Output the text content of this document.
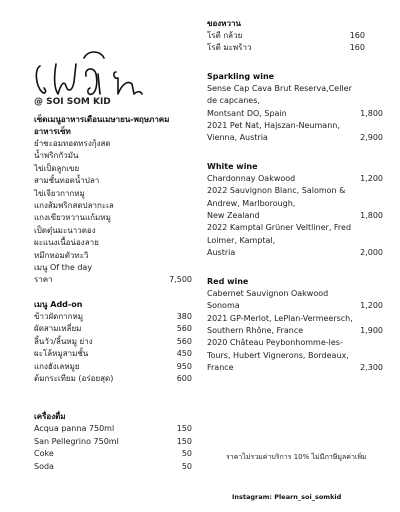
@ SOI SOM KID
เซ็ตเมนูอาหารเดือนเมษายน-พฤษภาคม
อาหารเซ็ท
ยำชะอมทอดทรงกุ้งสด
น้ำพริกกัวมัน
ไข่เป็ดลูกเขย
สามชั้นทอดน้ำปลา
ไข่เจียวกากหมู
แกงส้มพริกสดปลากะเล
แกงเขียวหวานแก้มหมู
เป็ดตุ๋นมะนาวดอง
ผะแนงเนื้อน่องลาย
หมึกหอมตัวทะวิ
เมนู Of the day
ราคา	7,500
เมนู Add-on
ข้าวผัดกากหมู	380
ผัดสามเหลี่ยม	560
ลิ้นวัว/ลิ้นหมู ย่าง	560
ผะโล้หมูสามชั้น	450
แกงฮังเลหมูย	950
ต้มกระเทียม (อร่อยสุด)	600
เครื่องดื่ม
Acqua panna 750ml	150
San Pellegrino 750ml	150
Coke	50
Soda	50
ของหวาน
โรตี กล้วย	160
โรตี มะพร้าว	160
Sparkling wine
Sense Cap Cava Brut Reserva,Celler
de capcanes,
Montsant DO, Spain	1,800
2021 Pet Nat, Hajszan-Neumann,
Vienna, Austria	2,900
White wine
Chardonnay Oakwood	1,200
2022 Sauvignon Blanc, Salomon &
Andrew, Marlborough,
New Zealand	1,800
2022 Kamptal Grüner Veltliner, Fred
Loimer, Kamptal,
Austria	2,000
Red wine
Cabernet Sauvignon Oakwood
Sonoma	1,200
2021 GP-Merlot, LePlan-Vermeersch,
Southern Rhône, France	1,900
2020 Château Peybonhomme-les-
Tours, Hubert Vignerons, Bordeaux,
France	2,300
ราคาไม่รวมค่าบริการ 10% ไม่มีภาษีมูลค่าเพิ่ม
Instagram: Plearn_soi_somkid
